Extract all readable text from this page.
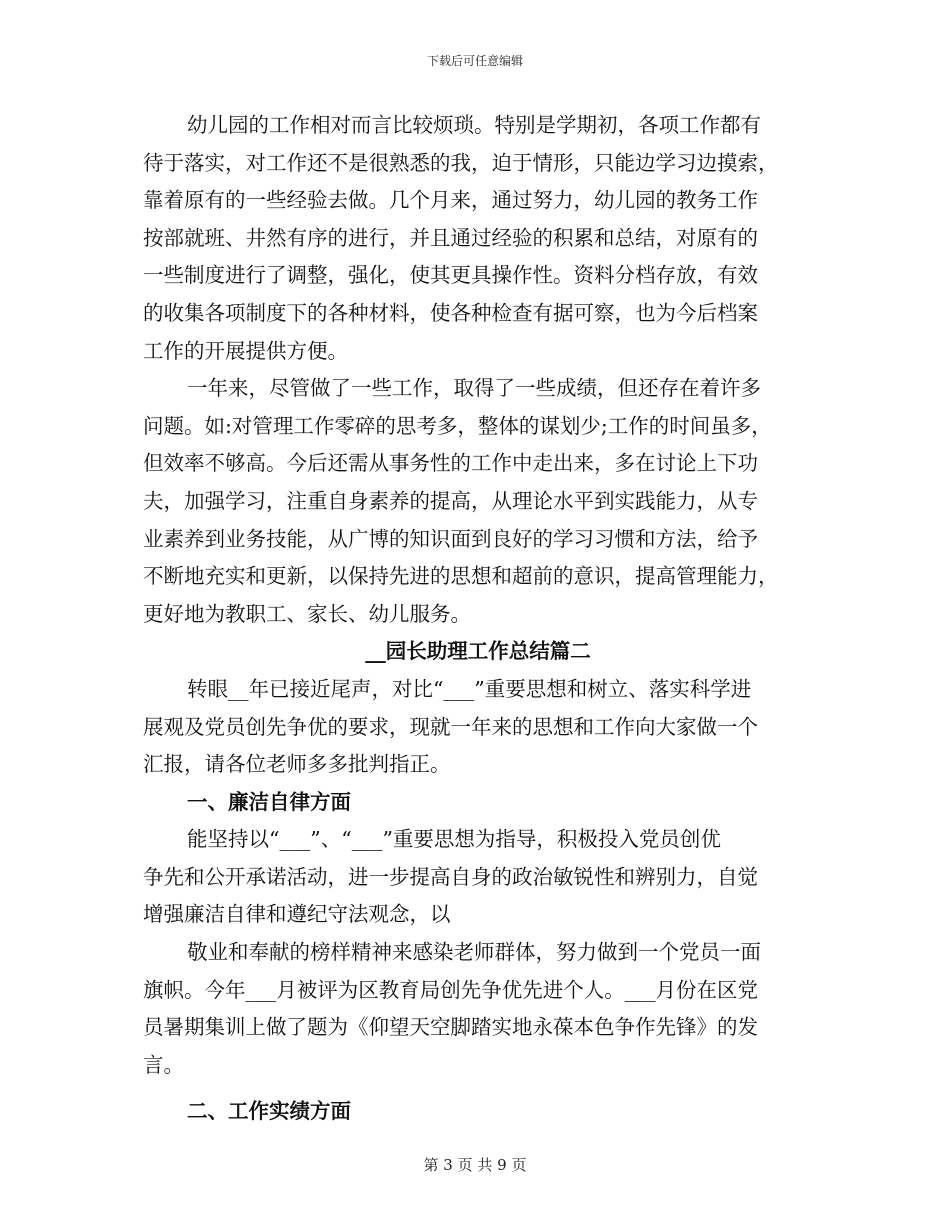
下载后可任意编辑
幼儿园的工作相对而言比较烦琐。特别是学期初，各项工作都有
待于落实，对工作还不是很熟悉的我，迫于情形，只能边学习边摸索，
靠着原有的一些经验去做。几个月来，通过努力，幼儿园的教务工作
按部就班、井然有序的进行，并且通过经验的积累和总结，对原有的
一些制度进行了调整，强化，使其更具操作性。资料分档存放，有效
的收集各项制度下的各种材料，使各种检查有据可察，也为今后档案
工作的开展提供方便。
一年来，尽管做了一些工作，取得了一些成绩，但还存在着许多
问题。如:对管理工作零碎的思考多，整体的谋划少;工作的时间虽多，
但效率不够高。今后还需从事务性的工作中走出来，多在讨论上下功
夫，加强学习，注重自身素养的提高，从理论水平到实践能力，从专
业素养到业务技能，从广博的知识面到良好的学习习惯和方法，给予
不断地充实和更新，以保持先进的思想和超前的意识，提高管理能力，
更好地为教职工、家长、幼儿服务。
__园长助理工作总结篇二
转眼__年已接近尾声，对比“___”重要思想和树立、落实科学进
展观及党员创先争优的要求，现就一年来的思想和工作向大家做一个
汇报，请各位老师多多批判指正。
一、廉洁自律方面
能坚持以“___”、“___”重要思想为指导，积极投入党员创优
争先和公开承诺活动，进一步提高自身的政治敏锐性和辨别力，自觉
增强廉洁自律和遵纪守法观念，以
敬业和奉献的榜样精神来感染老师群体，努力做到一个党员一面
旗帜。今年___月被评为区教育局创先争优先进个人。___月份在区党
员暑期集训上做了题为《仰望天空脚踏实地永葆本色争作先锋》的发
言。
二、工作实绩方面
第 3 页 共 9 页
